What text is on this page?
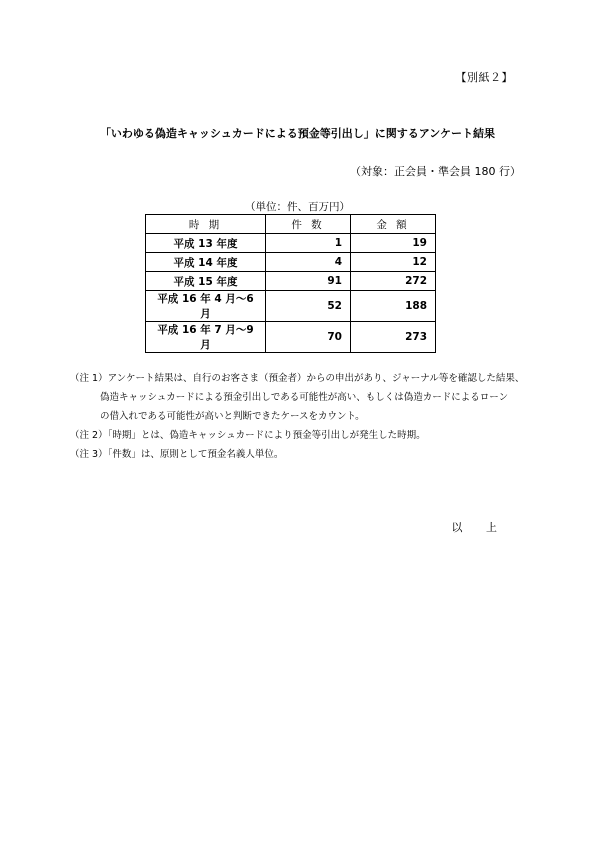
【別紙２】
「いわゆる偽造キャッシュカードによる預金等引出し」に関するアンケート結果
（対象：正会員・準会員 180 行）
（単位：件、百万円）
時 期	件 数	金 額
平成 13 年度	1	19
平成 14 年度	4	12
平成 15 年度	91	272
平成 16 年 4 月～6 月	52	188
平成 16 年 7 月～9 月	70	273
（注 1）アンケート結果は、自行のお客さま（預金者）からの申出があり、ジャーナル等を確認した結果、
偽造キャッシュカードによる預金引出しである可能性が高い、もしくは偽造カードによるローン
の借入れである可能性が高いと判断できたケースをカウント。
（注 2）「時期」とは、偽造キャッシュカードにより預金等引出しが発生した時期。
（注 3）「件数」は、原則として預金名義人単位。
以 上
